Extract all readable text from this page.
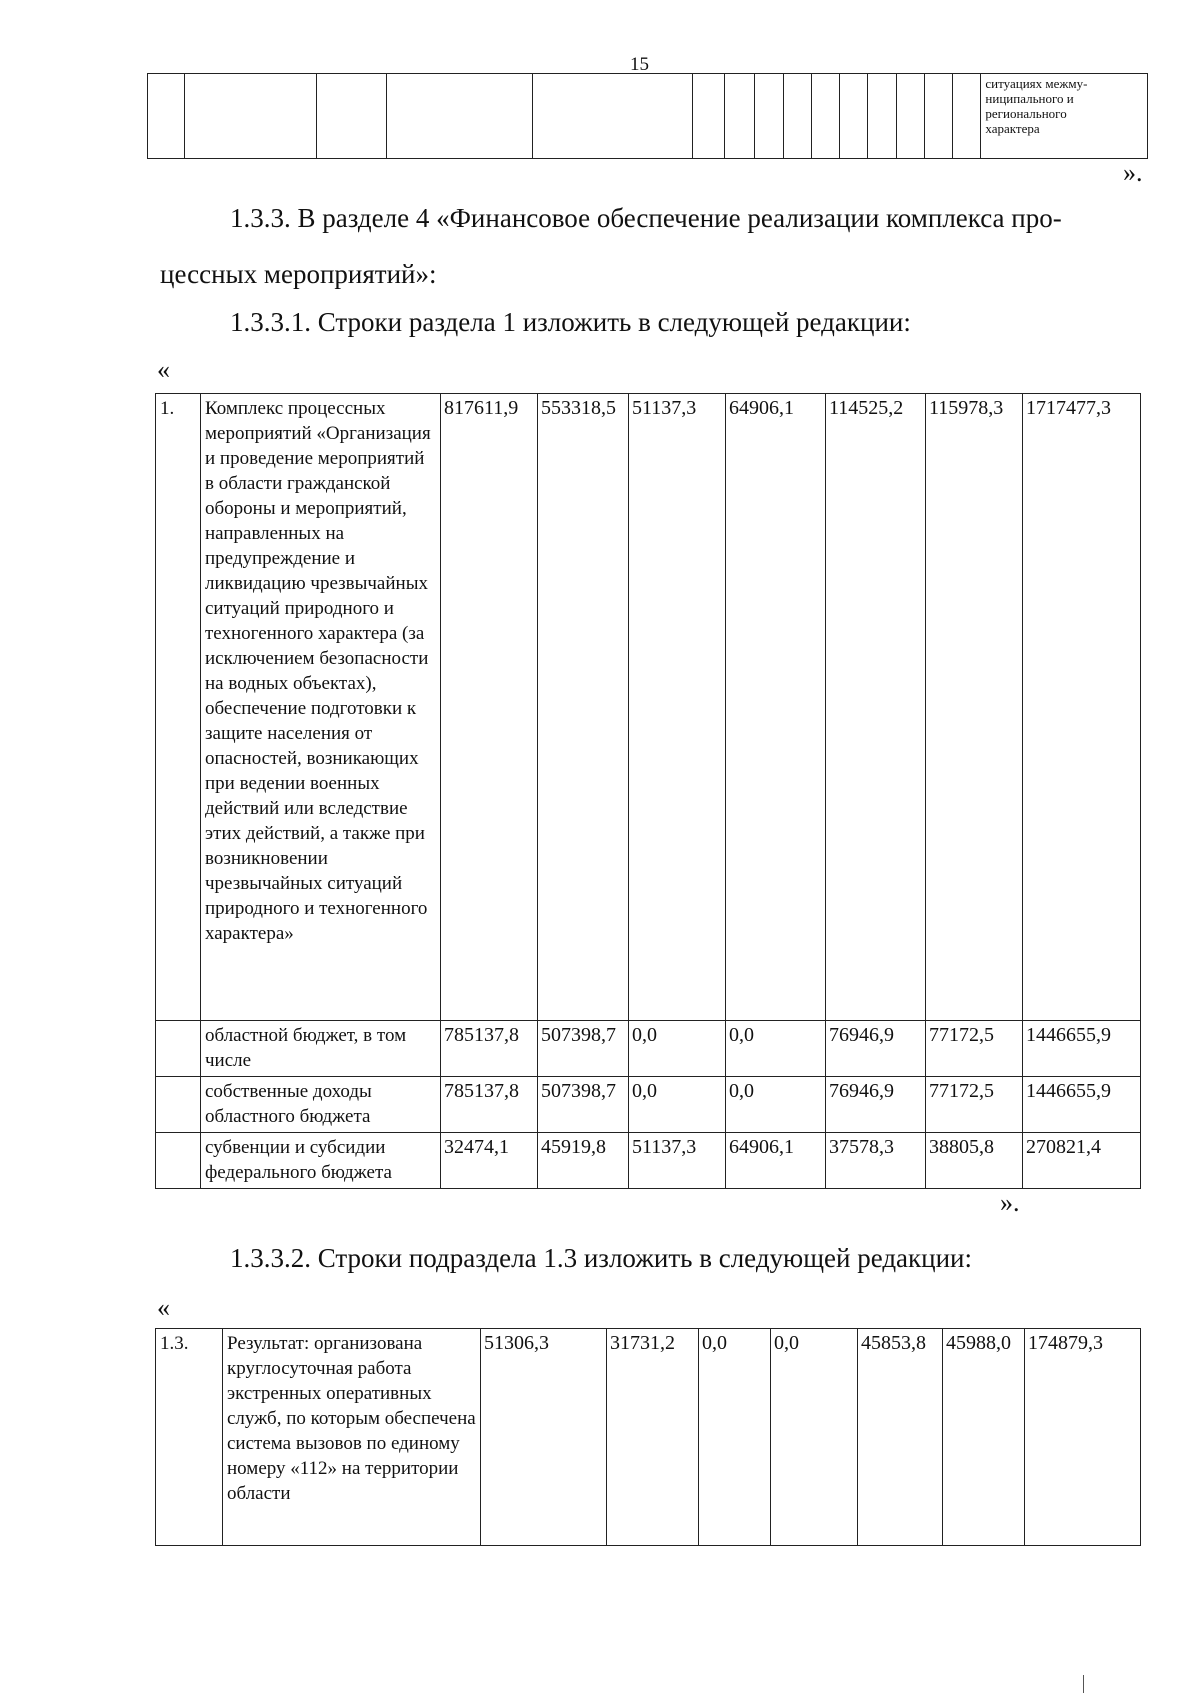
15
															ситуациях межму-
ниципального и
регионального
характера
».
1.3.3. В разделе 4 «Финансовое обеспечение реализации комплекса про-
цессных мероприятий»:
1.3.3.1. Строки раздела 1 изложить в следующей редакции:
«
1.	Комплекс процессных мероприятий «Организация и проведение мероприятий в области гражданской обороны и мероприятий, направленных на предупреждение и ликвидацию чрезвычайных ситуаций природного и техногенного характера (за исключением безопасности на водных объектах), обеспечение подготовки к защите населения от опасностей, возникающих при ведении военных действий или вследствие этих действий, а также при возникновении чрезвычайных ситуаций природного и техногенного характера»	817611,9	553318,5	51137,3	64906,1	114525,2	115978,3	1717477,3
	областной бюджет, в том числе	785137,8	507398,7	0,0	0,0	76946,9	77172,5	1446655,9
	собственные доходы областного бюджета	785137,8	507398,7	0,0	0,0	76946,9	77172,5	1446655,9
	субвенции и субсидии федерального бюджета	32474,1	45919,8	51137,3	64906,1	37578,3	38805,8	270821,4
».
1.3.3.2. Строки подраздела 1.3 изложить в следующей редакции:
«
1.3.	Результат: организована круглосуточная работа экстренных оперативных служб, по которым обеспечена система вызовов по единому номеру «112» на территории области	51306,3	31731,2	0,0	0,0	45853,8	45988,0	174879,3
